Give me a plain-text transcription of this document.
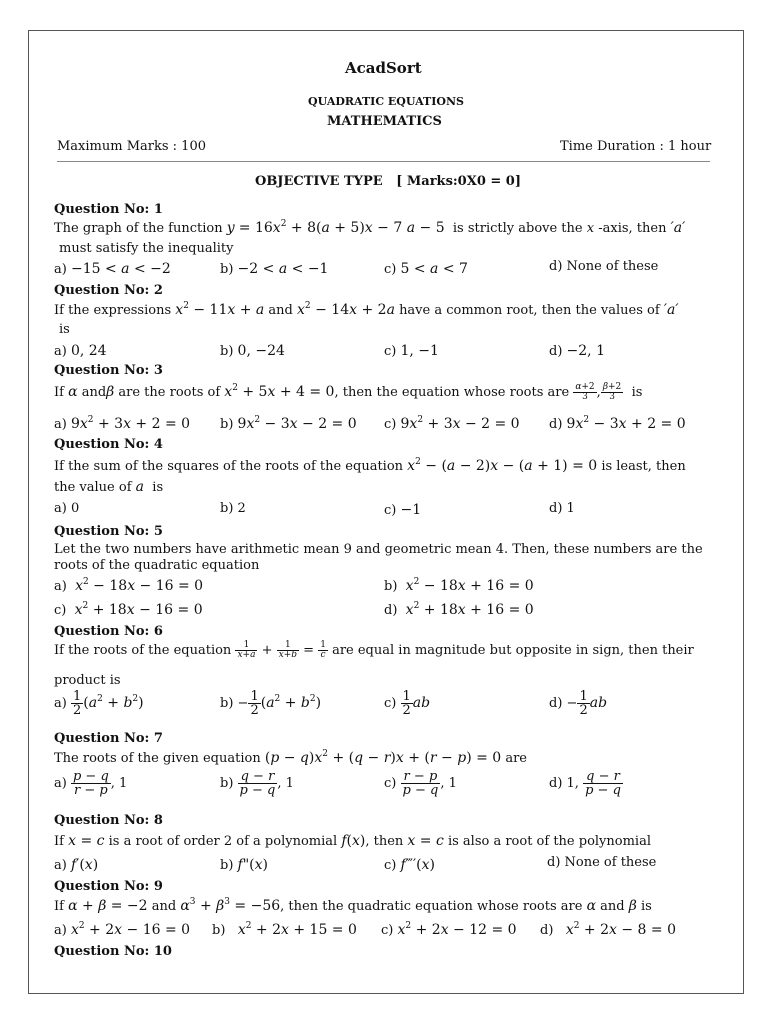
AcadSort
QUADRATIC EQUATIONS
MATHEMATICS
Maximum Marks : 100	Time Duration : 1 hour
OBJECTIVE TYPE [ Marks:0X0 = 0]
Question No: 1
The graph of the function $y = 16x^2 + 8(a + 5)x - 7$ a − 5 is strictly above the x -axis, then ′a′
must satisfy the inequality
a) −15 < a < −2	b) −2 < a < −1	c) 5 < a < 7	d) None of these
Question No: 2
If the expressions $x^2 - 11x + a$ and $x^2 - 14x + 2a$ have a common root, then the values of ′a′
is
a) 0, 24	b) 0, −24	c) 1, −1	d) −2, 1
Question No: 3
If α andβ are the roots of $x^2 + 5x + 4 = 0$, then the equation whose roots are $\frac{\alpha+2}{3}$ , $\frac{\beta+2}{3}$ is
a) $9x^2 + 3x + 2 = 0$ b) $9x^2 - 3x - 2 = 0$ c) $9x^2 + 3x - 2 = 0$ d) $9x^2 - 3x + 2 = 0$
Question No: 4
If the sum of the squares of the roots of the equation $x^2 - (a - 2)x - (a + 1) = 0$ is least, then
the value of a is
a) 0	b) 2	c) −1	d) 1
Question No: 5
Let the two numbers have arithmetic mean 9 and geometric mean 4. Then, these numbers are the
roots of the quadratic equation
a) $x^2 - 18x - 16 = 0$	b) $x^2 - 18x + 16 = 0$
c) $x^2 + 18x - 16 = 0$	d) $x^2 + 18x + 16 = 0$
Question No: 6
If the roots of the equation $\frac{1}{x+a} + \frac{1}{x+b} = \frac{1}{c}$ are equal in magnitude but opposite in sign, then their
product is
$a) \frac{1}{2} (a^2 + b^2)$	$b) - \frac{1}{2} (a^2 + b^2)$	$c) \frac{1}{2}$ ab	$d) - \frac{1}{2}$ ab
Question No: 7
The roots of the given equation $(p - q)x^2 + (q - r)x + (r - p) = 0$ are
$a) \frac{p - q}{r - p}$ , 1	$b) \frac{q - r}{p - q}$ , 1	$c) \frac{r - p}{p - q}$ , 1	d) 1, $\frac{q - r}{p - q}$
Question No: 8
If x = c is a root of order 2 of a polynomial f(x), then x = c is also a root of the polynomial
a) f′(x)	b) f"(x)	c) f‴′(x)	d) None of these
Question No: 9
If α + β = −2 and $\alpha^3 + \beta^3 = -56$, then the quadratic equation whose roots are α and β is
a) $x^2 + 2x - 16 = 0$ b) $x^2 + 2x + 15 = 0$ c) $x^2 + 2x - 12 = 0$ d) $x^2 + 2x - 8 = 0$
Question No: 10
